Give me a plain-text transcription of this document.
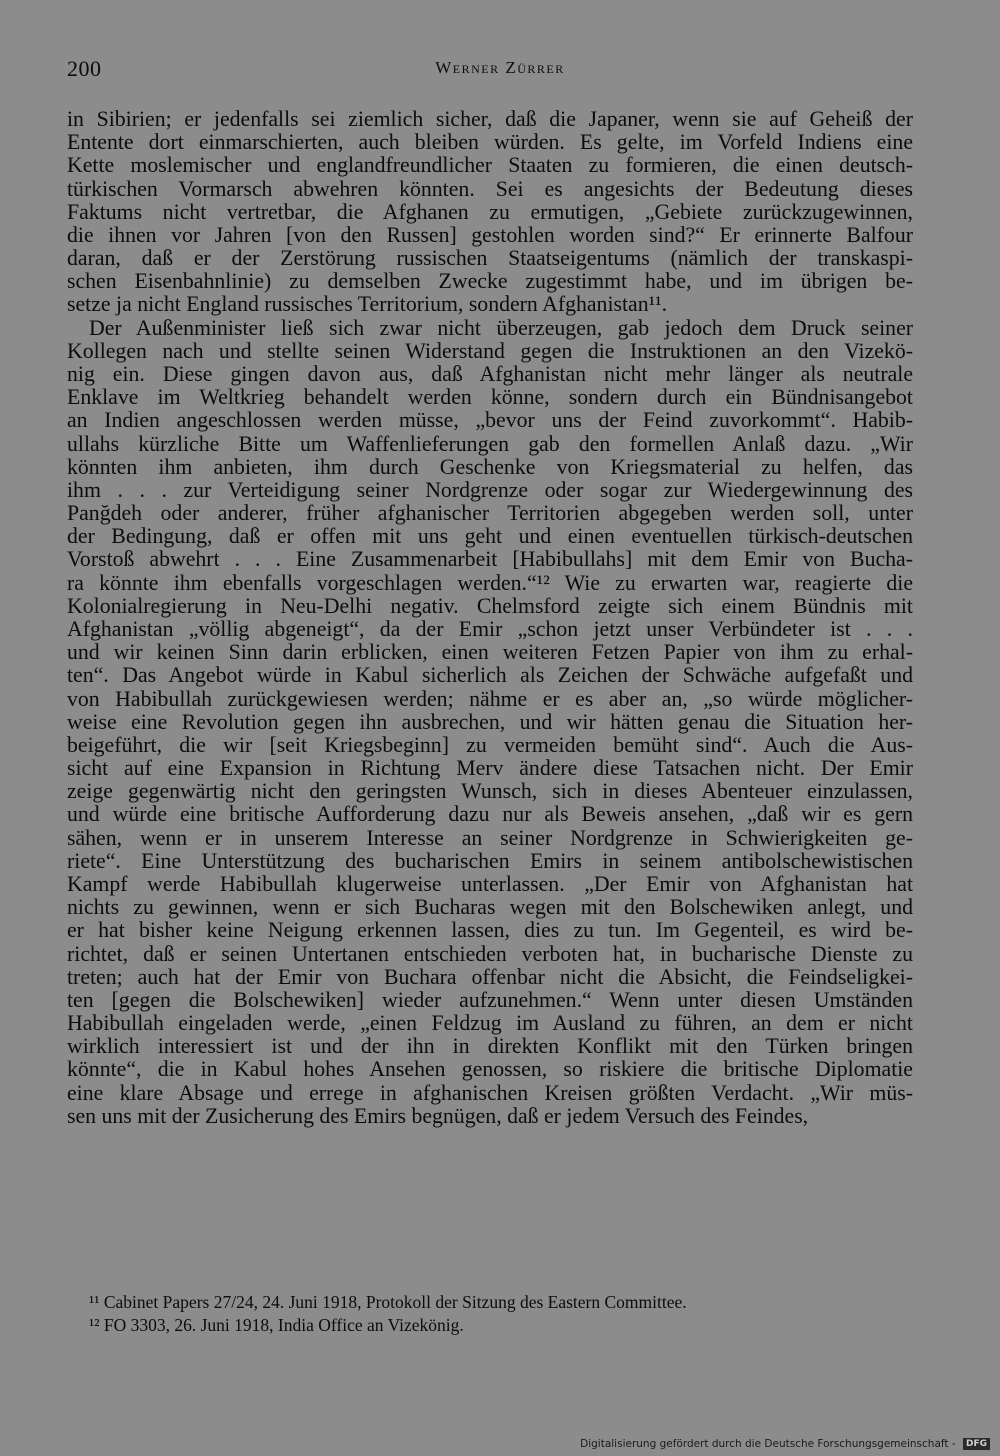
200	Werner Zürrer
in Sibirien; er jedenfalls sei ziemlich sicher, daß die Japaner, wenn sie auf Geheiß der
Entente dort einmarschierten, auch bleiben würden. Es gelte, im Vorfeld Indiens eine
Kette moslemischer und englandfreundlicher Staaten zu formieren, die einen deutsch-
türkischen Vormarsch abwehren könnten. Sei es angesichts der Bedeutung dieses
Faktums nicht vertretbar, die Afghanen zu ermutigen, „Gebiete zurückzugewinnen,
die ihnen vor Jahren [von den Russen] gestohlen worden sind?“ Er erinnerte Balfour
daran, daß er der Zerstörung russischen Staatseigentums (nämlich der transkaspi-
schen Eisenbahnlinie) zu demselben Zwecke zugestimmt habe, und im übrigen be-
setze ja nicht England russisches Territorium, sondern Afghanistan¹¹.
Der Außenminister ließ sich zwar nicht überzeugen, gab jedoch dem Druck seiner
Kollegen nach und stellte seinen Widerstand gegen die Instruktionen an den Vizekö-
nig ein. Diese gingen davon aus, daß Afghanistan nicht mehr länger als neutrale
Enklave im Weltkrieg behandelt werden könne, sondern durch ein Bündnisangebot
an Indien angeschlossen werden müsse, „bevor uns der Feind zuvorkommt“. Habib-
ullahs kürzliche Bitte um Waffenlieferungen gab den formellen Anlaß dazu. „Wir
könnten ihm anbieten, ihm durch Geschenke von Kriegsmaterial zu helfen, das
ihm . . . zur Verteidigung seiner Nordgrenze oder sogar zur Wiedergewinnung des
Panğdeh oder anderer, früher afghanischer Territorien abgegeben werden soll, unter
der Bedingung, daß er offen mit uns geht und einen eventuellen türkisch-deutschen
Vorstoß abwehrt . . . Eine Zusammenarbeit [Habibullahs] mit dem Emir von Bucha-
ra könnte ihm ebenfalls vorgeschlagen werden.“¹² Wie zu erwarten war, reagierte die
Kolonialregierung in Neu-Delhi negativ. Chelmsford zeigte sich einem Bündnis mit
Afghanistan „völlig abgeneigt“, da der Emir „schon jetzt unser Verbündeter ist . . .
und wir keinen Sinn darin erblicken, einen weiteren Fetzen Papier von ihm zu erhal-
ten“. Das Angebot würde in Kabul sicherlich als Zeichen der Schwäche aufgefaßt und
von Habibullah zurückgewiesen werden; nähme er es aber an, „so würde möglicher-
weise eine Revolution gegen ihn ausbrechen, und wir hätten genau die Situation her-
beigeführt, die wir [seit Kriegsbeginn] zu vermeiden bemüht sind“. Auch die Aus-
sicht auf eine Expansion in Richtung Merv ändere diese Tatsachen nicht. Der Emir
zeige gegenwärtig nicht den geringsten Wunsch, sich in dieses Abenteuer einzulassen,
und würde eine britische Aufforderung dazu nur als Beweis ansehen, „daß wir es gern
sähen, wenn er in unserem Interesse an seiner Nordgrenze in Schwierigkeiten ge-
riete“. Eine Unterstützung des bucharischen Emirs in seinem antibolschewistischen
Kampf werde Habibullah klugerweise unterlassen. „Der Emir von Afghanistan hat
nichts zu gewinnen, wenn er sich Bucharas wegen mit den Bolschewiken anlegt, und
er hat bisher keine Neigung erkennen lassen, dies zu tun. Im Gegenteil, es wird be-
richtet, daß er seinen Untertanen entschieden verboten hat, in bucharische Dienste zu
treten; auch hat der Emir von Buchara offenbar nicht die Absicht, die Feindseligkei-
ten [gegen die Bolschewiken] wieder aufzunehmen.“ Wenn unter diesen Umständen
Habibullah eingeladen werde, „einen Feldzug im Ausland zu führen, an dem er nicht
wirklich interessiert ist und der ihn in direkten Konflikt mit den Türken bringen
könnte“, die in Kabul hohes Ansehen genossen, so riskiere die britische Diplomatie
eine klare Absage und errege in afghanischen Kreisen größten Verdacht. „Wir müs-
sen uns mit der Zusicherung des Emirs begnügen, daß er jedem Versuch des Feindes,
¹¹ Cabinet Papers 27/24, 24. Juni 1918, Protokoll der Sitzung des Eastern Committee.
¹² FO 3303, 26. Juni 1918, India Office an Vizekönig.
Digitalisierung gefördert durch die Deutsche Forschungsgemeinschaft - DFG
